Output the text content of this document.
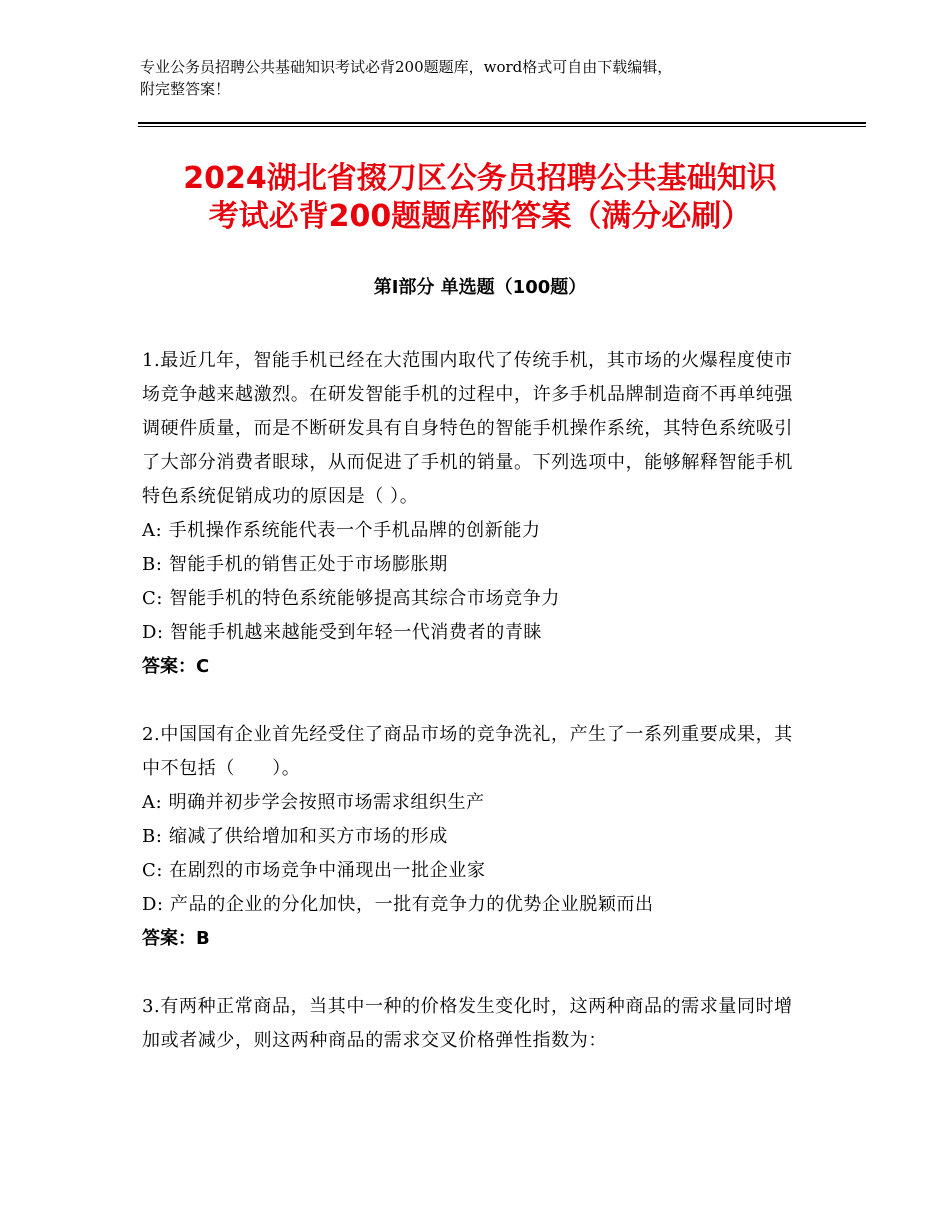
专业公务员招聘公共基础知识考试必背200题题库，word格式可自由下载编辑，
附完整答案！
2024湖北省掇刀区公务员招聘公共基础知识
考试必背200题题库附答案（满分必刷）
第Ⅰ部分 单选题（100题）
1.最近几年，智能手机已经在大范围内取代了传统手机，其市场的火爆程度使市场竞争越来越激烈。在研发智能手机的过程中，许多手机品牌制造商不再单纯强调硬件质量，而是不断研发具有自身特色的智能手机操作系统，其特色系统吸引了大部分消费者眼球，从而促进了手机的销量。下列选项中，能够解释智能手机特色系统促销成功的原因是（ ）。
A: 手机操作系统能代表一个手机品牌的创新能力
B: 智能手机的销售正处于市场膨胀期
C: 智能手机的特色系统能够提高其综合市场竞争力
D: 智能手机越来越能受到年轻一代消费者的青睐
答案：C
2.中国国有企业首先经受住了商品市场的竞争洗礼，产生了一系列重要成果，其中不包括（　　）。
A: 明确并初步学会按照市场需求组织生产
B: 缩减了供给增加和买方市场的形成
C: 在剧烈的市场竞争中涌现出一批企业家
D: 产品的企业的分化加快，一批有竞争力的优势企业脱颖而出
答案：B
3.有两种正常商品，当其中一种的价格发生变化时，这两种商品的需求量同时增加或者减少，则这两种商品的需求交叉价格弹性指数为：
